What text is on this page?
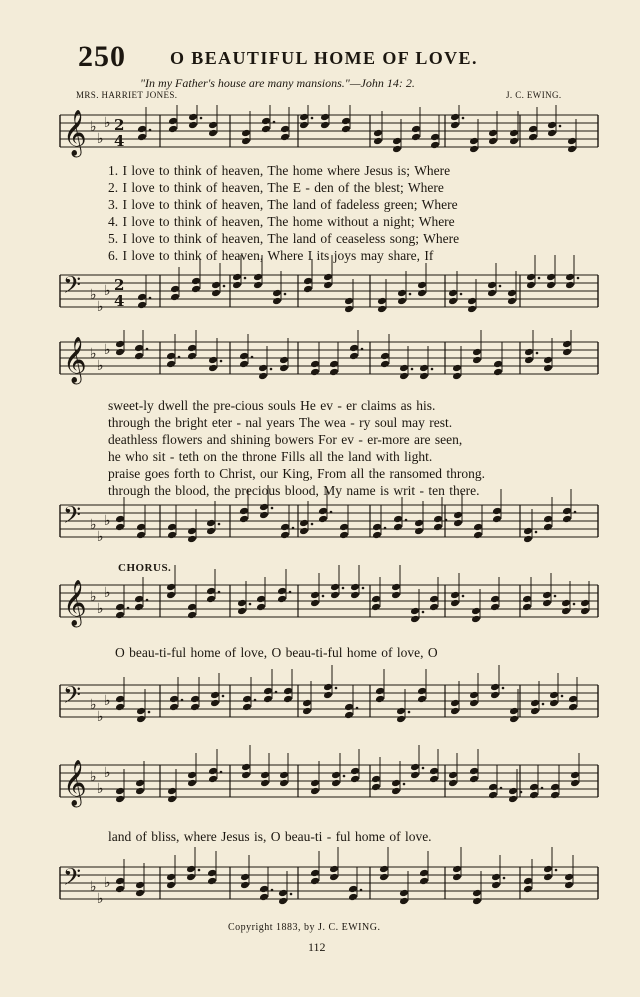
250 O BEAUTIFUL HOME OF LOVE.
"In my Father's house are many mansions."—John 14: 2.
MRS. HARRIET JONES.	J. C. EWING.
𝄞 ♭
♭
♭ 2
4
𝄢 ♭
♭
♭ 2
4
1. I love to think of heaven, The home where Jesus is; Where
2. I love to think of heaven, The E - den of the blest; Where
3. I love to think of heaven, The land of fadeless green; Where
4. I love to think of heaven, The home without a night; Where
5. I love to think of heaven, The land of ceaseless song; Where
6. I love to think of heaven, Where I its joys may share, If
𝄞 ♭
♭
♭
𝄢 ♭
♭
♭
sweet-ly dwell the pre-cious souls He ev - er claims as his.
through the bright eter - nal years The wea - ry soul may rest.
deathless flowers and shining bowers For ev - er-more are seen,
he who sit - teth on the throne Fills all the land with light.
praise goes forth to Christ, our King, From all the ransomed throng.
through the blood, the precious blood, My name is writ - ten there.
CHORUS.
𝄞 ♭
♭
♭
𝄢 ♭
♭
♭
O beau-ti-ful home of love, O beau-ti-ful home of love, O
𝄞 ♭
♭
♭
𝄢 ♭
♭
♭
land of bliss, where Jesus is, O beau-ti - ful home of love.
Copyright 1883, by J. C. EWING.
112
